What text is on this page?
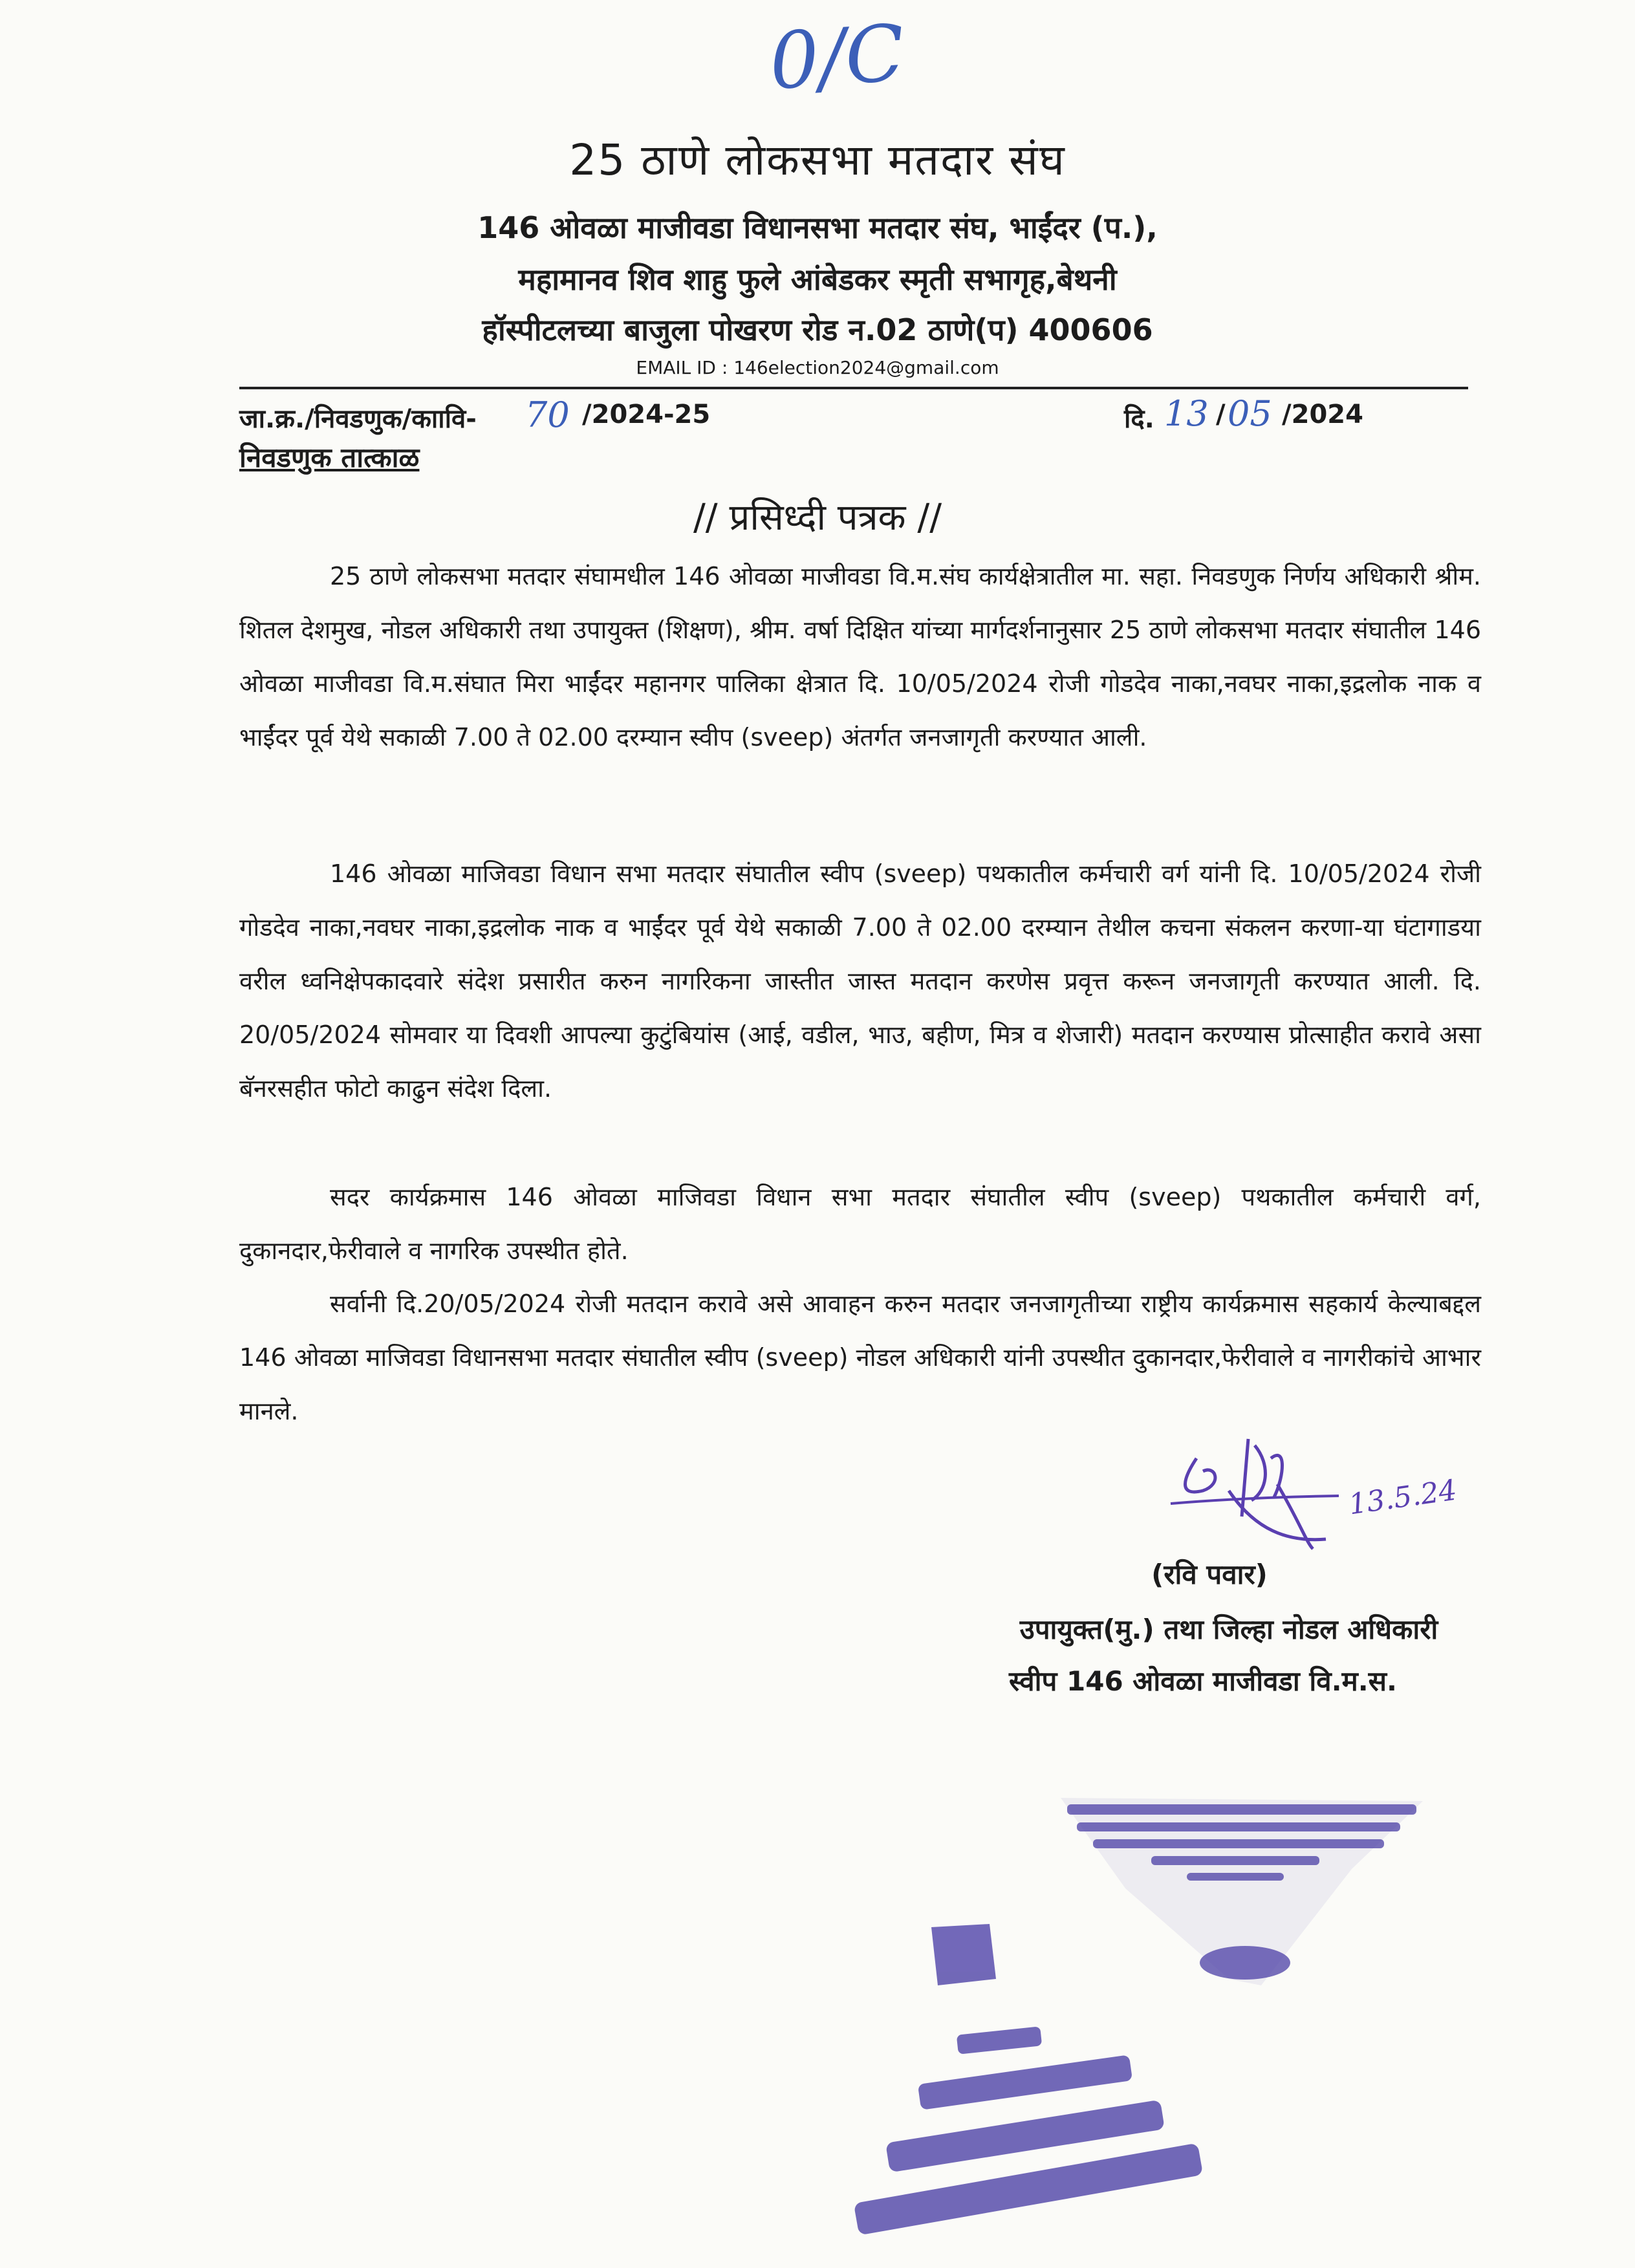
0/C
25 ठाणे लोकसभा मतदार संघ
146 ओवळा माजीवडा विधानसभा मतदार संघ, भाईंदर (प.),
महामानव शिव शाहु फुले आंबेडकर स्मृती सभागृह,बेथनी
हॉस्पीटलच्या बाजुला पोखरण रोड न.02 ठाणे(प) 400606
EMAIL ID : 146election2024@gmail.com
जा.क्र./निवडणुक/काावि- 70 /2024-25	दि. 13 / 05 /2024
निवडणुक तात्काळ
// प्रसिध्दी पत्रक //
25 ठाणे लोकसभा मतदार संघामधील 146 ओवळा माजीवडा वि.म.संघ कार्यक्षेत्रातील मा. सहा. निवडणुक निर्णय अधिकारी श्रीम. शितल देशमुख, नोडल अधिकारी तथा उपायुक्त (शिक्षण), श्रीम. वर्षा दिक्षित यांच्या मार्गदर्शनानुसार 25 ठाणे लोकसभा मतदार संघातील 146 ओवळा माजीवडा वि.म.संघात मिरा भाईंदर महानगर पालिका क्षेत्रात दि. 10/05/2024 रोजी गोडदेव नाका,नवघर नाका,इद्रलोक नाक व भाईंदर पूर्व येथे सकाळी 7.00 ते 02.00 दरम्यान स्वीप (sveep) अंतर्गत जनजागृती करण्यात आली.
146 ओवळा माजिवडा विधान सभा मतदार संघातील स्वीप (sveep) पथकातील कर्मचारी वर्ग यांनी दि. 10/05/2024 रोजी गोडदेव नाका,नवघर नाका,इद्रलोक नाक व भाईंदर पूर्व येथे सकाळी 7.00 ते 02.00 दरम्यान तेथील कचना संकलन करणा-या घंटागाडया वरील ध्वनिक्षेपकादवारे संदेश प्रसारीत करुन नागरिकना जास्तीत जास्त मतदान करणेस प्रवृत्त करून जनजागृती करण्यात आली. दि. 20/05/2024 सोमवार या दिवशी आपल्या कुटुंबियांस (आई, वडील, भाउ, बहीण, मित्र व शेजारी) मतदान करण्यास प्रोत्साहीत करावे असा बॅनरसहीत फोटो काढुन संदेश दिला.
सदर कार्यक्रमास 146 ओवळा माजिवडा विधान सभा मतदार संघातील स्वीप (sveep) पथकातील कर्मचारी वर्ग, दुकानदार,फेरीवाले व नागरिक उपस्थीत होते.
सर्वानी दि.20/05/2024 रोजी मतदान करावे असे आवाहन करुन मतदार जनजागृतीच्या राष्ट्रीय कार्यक्रमास सहकार्य केल्याबद्दल 146 ओवळा माजिवडा विधानसभा मतदार संघातील स्वीप (sveep) नोडल अधिकारी यांनी उपस्थीत दुकानदार,फेरीवाले व नागरीकांचे आभार मानले.
13.5.24
(रवि पवार)
उपायुक्त(मु.) तथा जिल्हा नोडल अधिकारी
स्वीप 146 ओवळा माजीवडा वि.म.स.
